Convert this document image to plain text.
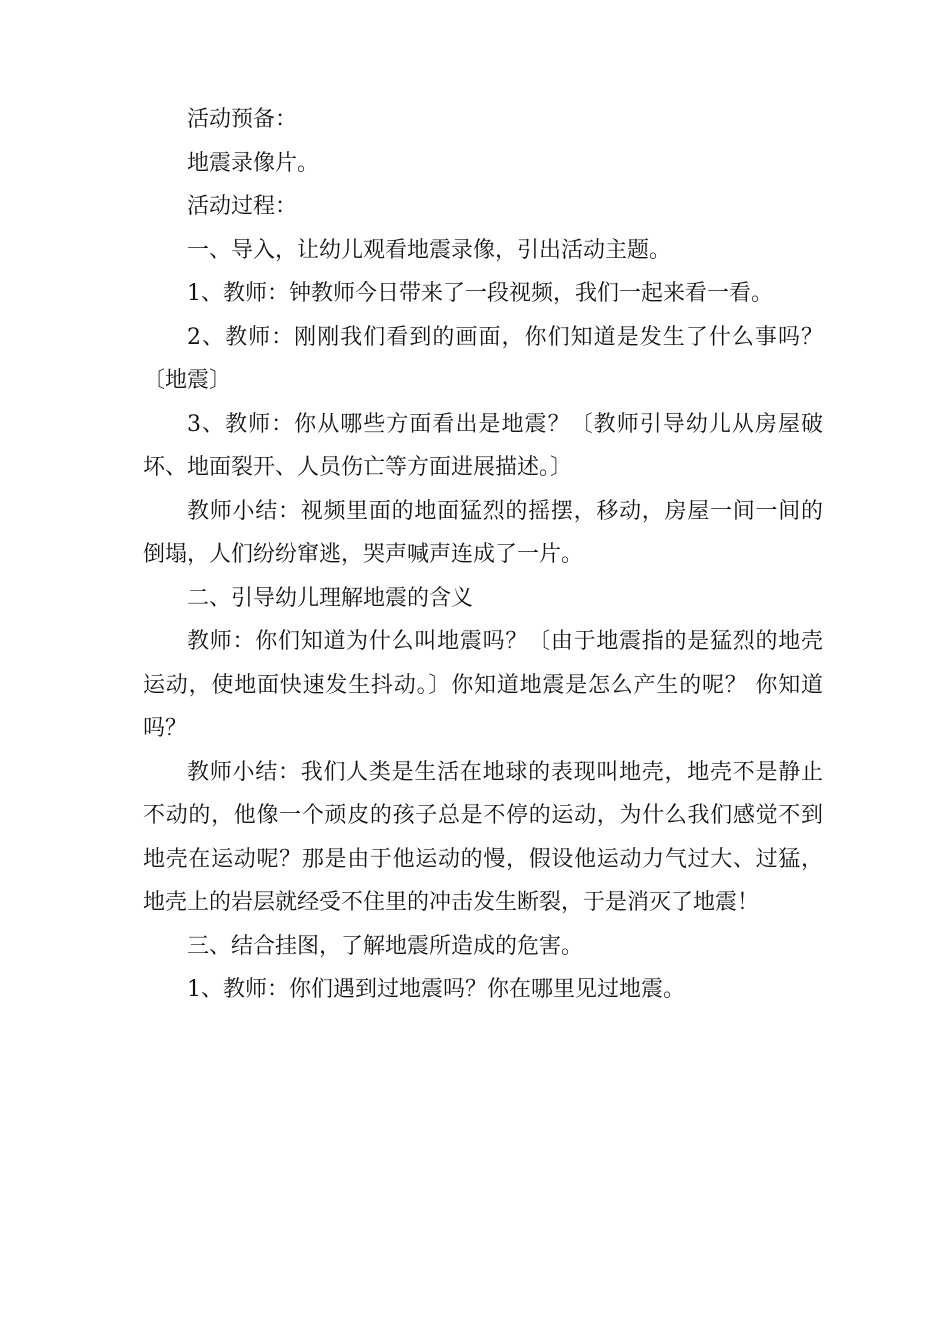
活动预备：

地震录像片。

活动过程：

一、导入，让幼儿观看地震录像，引出活动主题。

1、教师：钟教师今日带来了一段视频，我们一起来看一看。

2、教师：刚刚我们看到的画面，你们知道是发生了什么事吗？〔地震〕

3、教师：你从哪些方面看出是地震？〔教师引导幼儿从房屋破坏、地面裂开、人员伤亡等方面进展描述。〕

教师小结：视频里面的地面猛烈的摇摆，移动，房屋一间一间的倒塌，人们纷纷窜逃，哭声喊声连成了一片。

二、引导幼儿理解地震的含义

教师：你们知道为什么叫地震吗？〔由于地震指的是猛烈的地壳运动，使地面快速发生抖动。〕你知道地震是怎么产生的呢？ 你知道吗？

教师小结：我们人类是生活在地球的表现叫地壳，地壳不是静止不动的，他像一个顽皮的孩子总是不停的运动，为什么我们感觉不到地壳在运动呢？那是由于他运动的慢，假设他运动力气过大、过猛，地壳上的岩层就经受不住里的冲击发生断裂，于是消灭了地震！

三、结合挂图，了解地震所造成的危害。

1、教师：你们遇到过地震吗？你在哪里见过地震。
